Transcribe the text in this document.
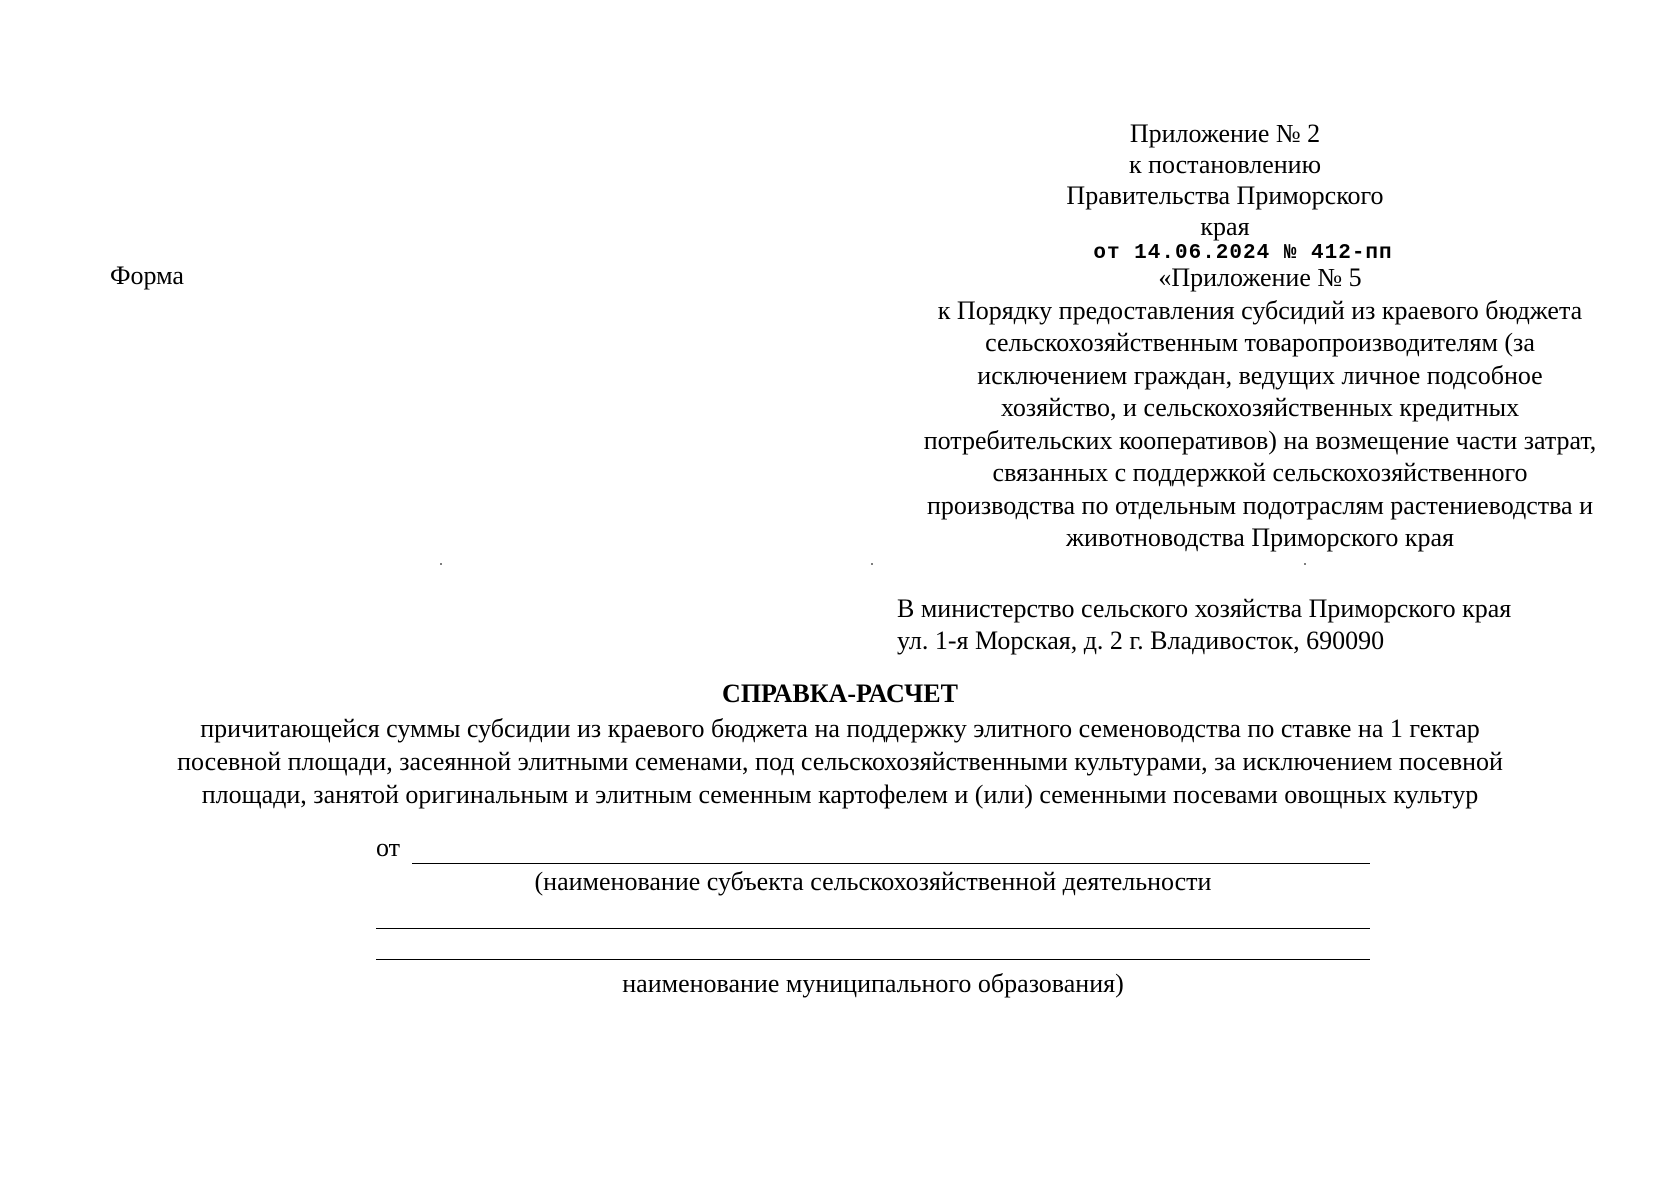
Приложение № 2
к постановлению
Правительства Приморского края
от 14.06.2024 № 412-пп
Форма	«Приложение № 5
к Порядку предоставления субсидий из краевого бюджета
сельскохозяйственным товаропроизводителям (за
исключением граждан, ведущих личное подсобное
хозяйство, и сельскохозяйственных кредитных
потребительских кооперативов) на возмещение части затрат,
связанных с поддержкой сельскохозяйственного
производства по отдельным подотраслям растениеводства и
животноводства Приморского края
В министерство сельского хозяйства Приморского края
ул. 1-я Морская, д. 2 г. Владивосток, 690090
СПРАВКА-РАСЧЕТ
причитающейся суммы субсидии из краевого бюджета на поддержку элитного семеноводства по ставке на 1 гектар
посевной площади, засеянной элитными семенами, под сельскохозяйственными культурами, за исключением посевной
площади, занятой оригинальным и элитным семенным картофелем и (или) семенными посевами овощных культур
от
(наименование субъекта сельскохозяйственной деятельности
наименование муниципального образования)
